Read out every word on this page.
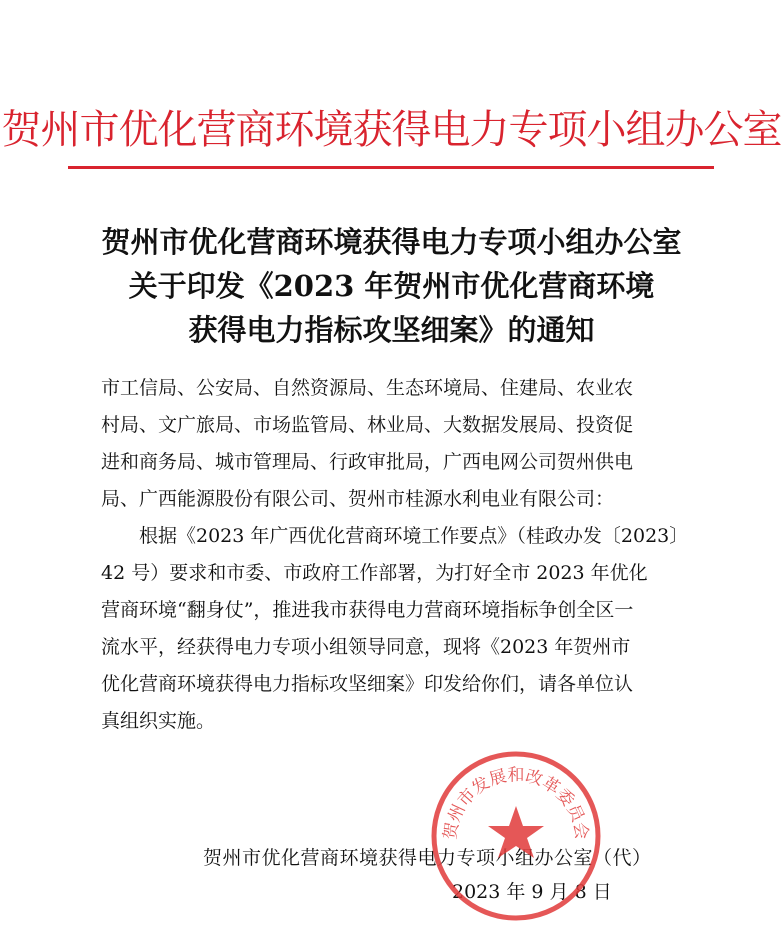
贺州市优化营商环境获得电力专项小组办公室
贺州市优化营商环境获得电力专项小组办公室
关于印发《2023 年贺州市优化营商环境
获得电力指标攻坚细案》的通知

市工信局、公安局、自然资源局、生态环境局、住建局、农业农

村局、文广旅局、市场监管局、林业局、大数据发展局、投资促

进和商务局、城市管理局、行政审批局，广西电网公司贺州供电

局、广西能源股份有限公司、贺州市桂源水利电业有限公司：

根据《2023 年广西优化营商环境工作要点》（桂政办发〔2023〕

42 号）要求和市委、市政府工作部署，为打好全市 2023 年优化

营商环境“翻身仗”，推进我市获得电力营商环境指标争创全区一

流水平，经获得电力专项小组领导同意，现将《2023 年贺州市

优化营商环境获得电力指标攻坚细案》印发给你们，请各单位认

真组织实施。

贺州市优化营商环境获得电力专项小组办公室（代）
2023 年 9 月 8 日
贺州市发展和改革委员会
